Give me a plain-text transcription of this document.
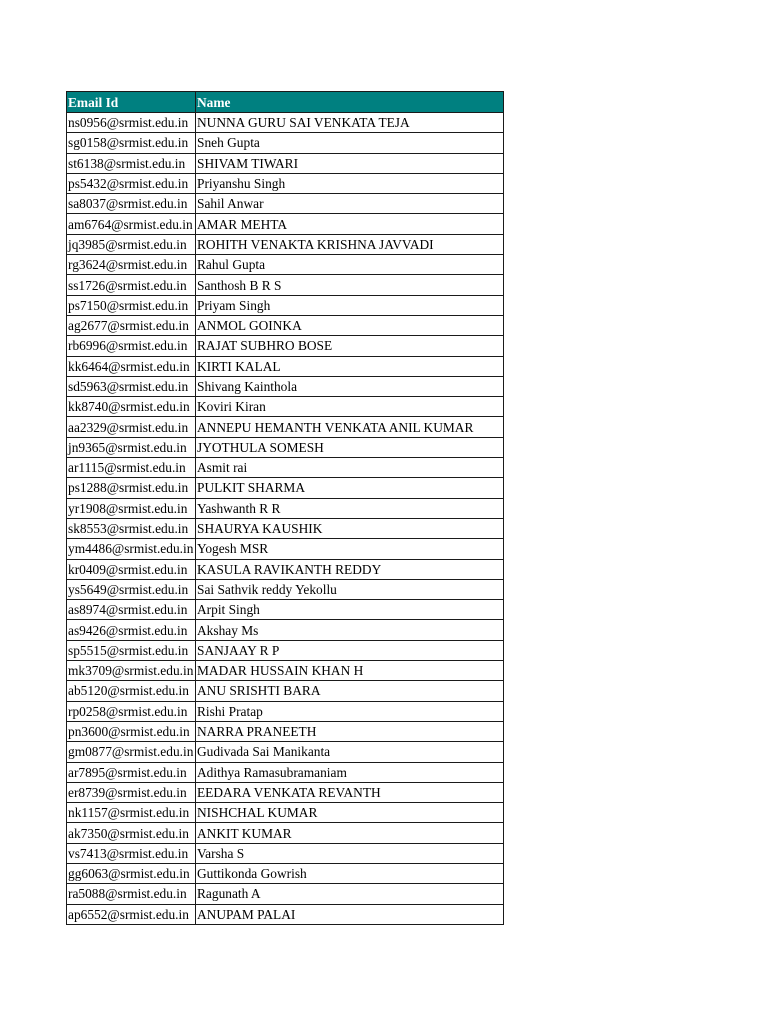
Email Id	Name
ns0956@srmist.edu.in	NUNNA GURU SAI VENKATA TEJA
sg0158@srmist.edu.in	Sneh Gupta
st6138@srmist.edu.in	SHIVAM TIWARI
ps5432@srmist.edu.in	Priyanshu Singh
sa8037@srmist.edu.in	Sahil Anwar
am6764@srmist.edu.in	AMAR MEHTA
jq3985@srmist.edu.in	ROHITH VENAKTA KRISHNA JAVVADI
rg3624@srmist.edu.in	Rahul Gupta
ss1726@srmist.edu.in	Santhosh B R S
ps7150@srmist.edu.in	Priyam Singh
ag2677@srmist.edu.in	ANMOL GOINKA
rb6996@srmist.edu.in	RAJAT SUBHRO BOSE
kk6464@srmist.edu.in	KIRTI KALAL
sd5963@srmist.edu.in	Shivang Kainthola
kk8740@srmist.edu.in	Koviri Kiran
aa2329@srmist.edu.in	ANNEPU HEMANTH VENKATA ANIL KUMAR
jn9365@srmist.edu.in	JYOTHULA SOMESH
ar1115@srmist.edu.in	Asmit rai
ps1288@srmist.edu.in	PULKIT SHARMA
yr1908@srmist.edu.in	Yashwanth R R
sk8553@srmist.edu.in	SHAURYA KAUSHIK
ym4486@srmist.edu.in	Yogesh MSR
kr0409@srmist.edu.in	KASULA RAVIKANTH REDDY
ys5649@srmist.edu.in	Sai Sathvik reddy Yekollu
as8974@srmist.edu.in	Arpit Singh
as9426@srmist.edu.in	Akshay Ms
sp5515@srmist.edu.in	SANJAAY R P
mk3709@srmist.edu.in	MADAR HUSSAIN KHAN H
ab5120@srmist.edu.in	ANU SRISHTI BARA
rp0258@srmist.edu.in	Rishi Pratap
pn3600@srmist.edu.in	NARRA PRANEETH
gm0877@srmist.edu.in	Gudivada Sai Manikanta
ar7895@srmist.edu.in	Adithya Ramasubramaniam
er8739@srmist.edu.in	EEDARA VENKATA REVANTH
nk1157@srmist.edu.in	NISHCHAL KUMAR
ak7350@srmist.edu.in	ANKIT KUMAR
vs7413@srmist.edu.in	Varsha S
gg6063@srmist.edu.in	Guttikonda Gowrish
ra5088@srmist.edu.in	Ragunath A
ap6552@srmist.edu.in	ANUPAM PALAI
